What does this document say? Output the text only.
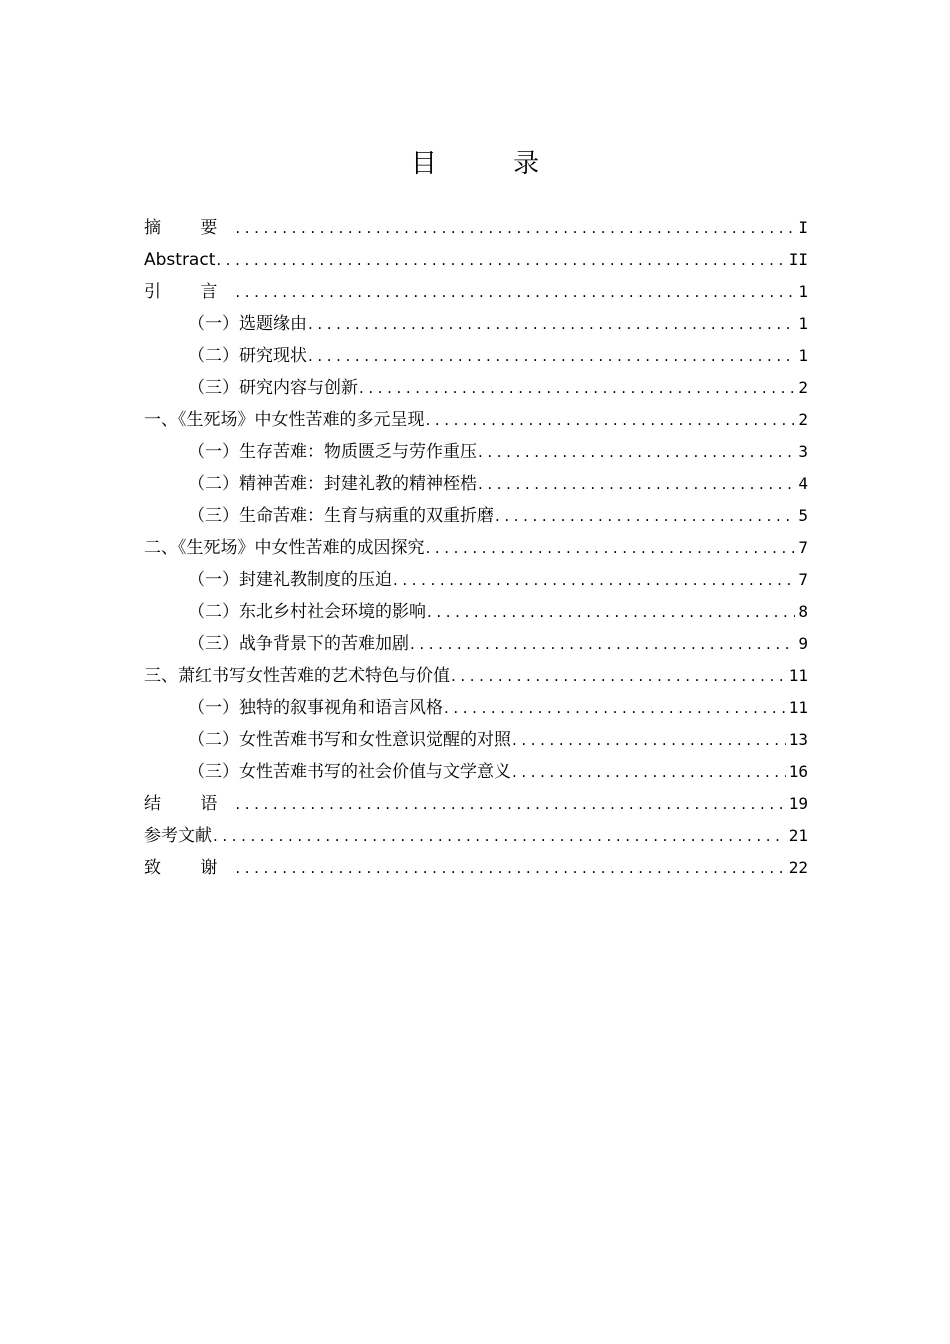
目 录
摘 要 .....	I
Abstract .....	II
引 言 .....	1
（一）选题缘由 .....	1
（二）研究现状 .....	1
（三）研究内容与创新 .....	2
一、《生死场》中女性苦难的多元呈现 .....	2
（一）生存苦难：物质匮乏与劳作重压 .....	3
（二）精神苦难：封建礼教的精神桎梏 .....	4
（三）生命苦难：生育与病重的双重折磨 .....	5
二、《生死场》中女性苦难的成因探究 .....	7
（一）封建礼教制度的压迫 .....	7
（二）东北乡村社会环境的影响 .....	8
（三）战争背景下的苦难加剧 .....	9
三、萧红书写女性苦难的艺术特色与价值 .....	11
（一）独特的叙事视角和语言风格 .....	11
（二）女性苦难书写和女性意识觉醒的对照 .....	13
（三）女性苦难书写的社会价值与文学意义 .....	16
结 语 .....	19
参考文献 .....	21
致 谢 .....	22
